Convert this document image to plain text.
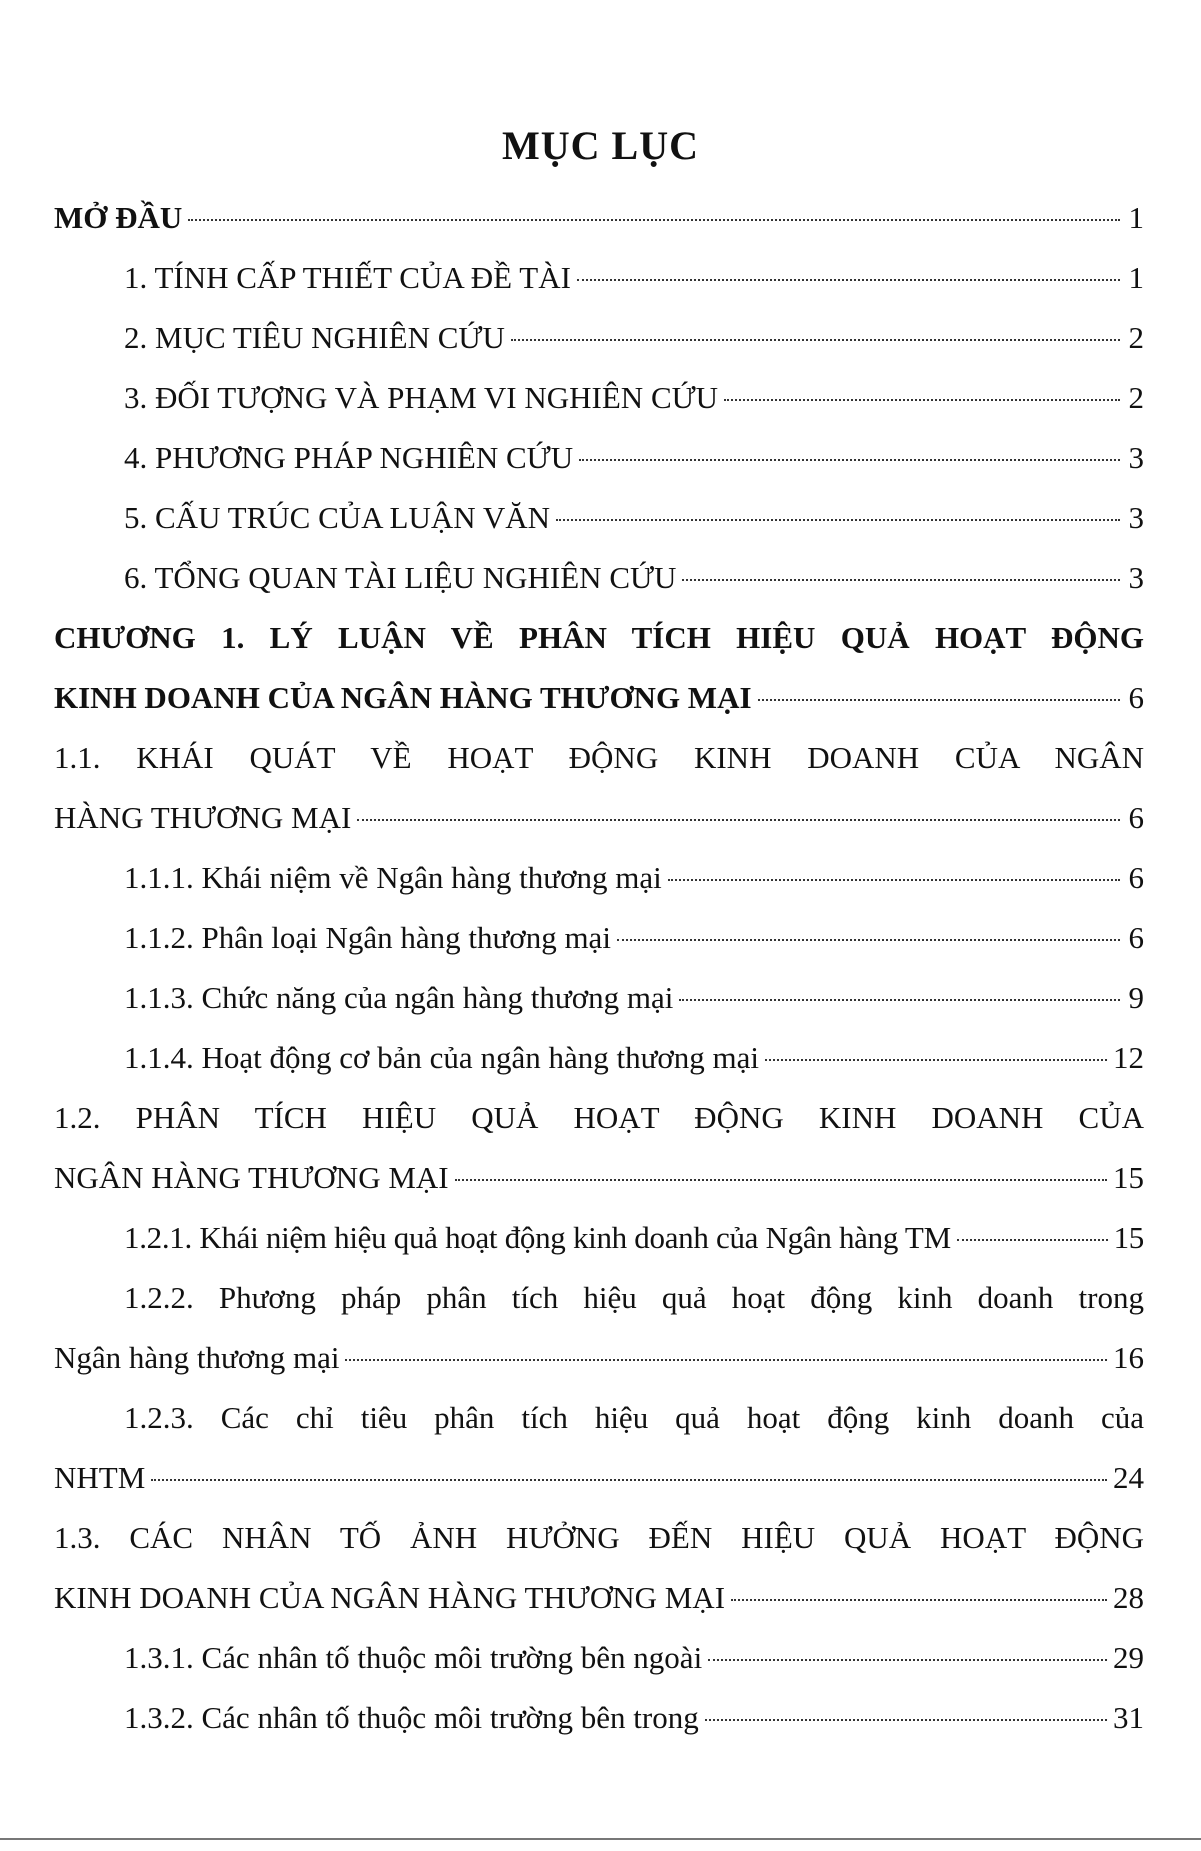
MỤC LỤC
MỞ ĐẦU	1
1. TÍNH CẤP THIẾT CỦA ĐỀ TÀI	1
2. MỤC TIÊU NGHIÊN CỨU	2
3. ĐỐI TƯỢNG VÀ PHẠM VI NGHIÊN CỨU	2
4. PHƯƠNG PHÁP NGHIÊN CỨU	3
5. CẤU TRÚC CỦA LUẬN VĂN	3
6. TỔNG QUAN TÀI LIỆU NGHIÊN CỨU	3
CHƯƠNG 1. LÝ LUẬN VỀ PHÂN TÍCH HIỆU QUẢ HOẠT ĐỘNG
KINH DOANH CỦA NGÂN HÀNG THƯƠNG MẠI	6
1.1. KHÁI QUÁT VỀ HOẠT ĐỘNG KINH DOANH CỦA NGÂN
HÀNG THƯƠNG MẠI	6
1.1.1. Khái niệm về Ngân hàng thương mại	6
1.1.2. Phân loại Ngân hàng thương mại	6
1.1.3. Chức năng của ngân hàng thương mại	9
1.1.4. Hoạt động cơ bản của ngân hàng thương mại	12
1.2. PHÂN TÍCH HIỆU QUẢ HOẠT ĐỘNG KINH DOANH CỦA
NGÂN HÀNG THƯƠNG MẠI	15
1.2.1. Khái niệm hiệu quả hoạt động kinh doanh của Ngân hàng TM	15
1.2.2. Phương pháp phân tích hiệu quả hoạt động kinh doanh trong
Ngân hàng thương mại	16
1.2.3. Các chỉ tiêu phân tích hiệu quả hoạt động kinh doanh của
NHTM	24
1.3. CÁC NHÂN TỐ ẢNH HƯỞNG ĐẾN HIỆU QUẢ HOẠT ĐỘNG
KINH DOANH CỦA NGÂN HÀNG THƯƠNG MẠI	28
1.3.1. Các nhân tố thuộc môi trường bên ngoài	29
1.3.2. Các nhân tố thuộc môi trường bên trong	31
